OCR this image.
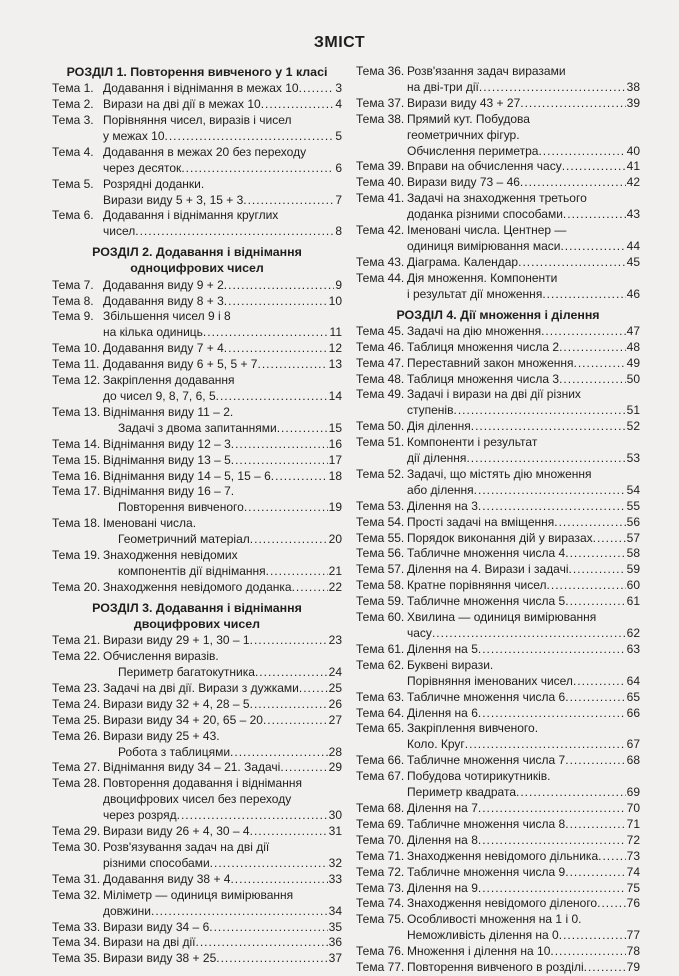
ЗМІСТ
РОЗДІЛ 1. Повторення вивченого у 1 класі
Тема 1. Додавання і віднімання в межах 10 .....	3
Тема 2. Вирази на дві дії в межах 10 .....	4
Тема 3. Порівняння чисел, виразів і чисел
у межах 10 .....	5
Тема 4. Додавання в межах 20 без переходу
через десяток .....	6
Тема 5. Розрядні доданки.
Вирази виду 5 + 3, 15 + 3 .....	7
Тема 6. Додавання і віднімання круглих
чисел .....	8
РОЗДІЛ 2. Додавання і віднімання одноцифрових чисел
Тема 7. Додавання виду 9 + 2 .....	9
Тема 8. Додавання виду 8 + 3 .....	10
Тема 9. Збільшення чисел 9 і 8
на кілька одиниць .....	11
Тема 10. Додавання виду 7 + 4 .....	12
Тема 11. Додавання виду 6 + 5, 5 + 7 .....	13
Тема 12. Закріплення додавання
до чисел 9, 8, 7, 6, 5 .....	14
Тема 13. Віднімання виду 11 – 2.
Задачі з двома запитаннями .....	15
Тема 14. Віднімання виду 12 – 3 .....	16
Тема 15. Віднімання виду 13 – 5 .....	17
Тема 16. Віднімання виду 14 – 5, 15 – 6 .....	18
Тема 17. Віднімання виду 16 – 7.
Повторення вивченого .....	19
Тема 18. Іменовані числа.
Геометричний матеріал .....	20
Тема 19. Знаходження невідомих
компонентів дії віднімання .....	21
Тема 20. Знаходження невідомого доданка .....	22
РОЗДІЛ 3. Додавання і віднімання двоцифрових чисел
Тема 21. Вирази виду 29 + 1, 30 – 1 .....	23
Тема 22. Обчислення виразів.
Периметр багатокутника .....	24
Тема 23. Задачі на дві дії. Вирази з дужками ..... 25
Тема 24. Вирази виду 32 + 4, 28 – 5 .....	26
Тема 25. Вирази виду 34 + 20, 65 – 20 .....	27
Тема 26. Вирази виду 25 + 43.
Робота з таблицями .....	28
Тема 27. Віднімання виду 34 – 21. Задачі .....	29
Тема 28. Повторення додавання і віднімання
двоцифрових чисел без переходу
через розряд .....	30
Тема 29. Вирази виду 26 + 4, 30 – 4 .....	31
Тема 30. Розв'язування задач на дві дії
різними способами .....	32
Тема 31. Додавання виду 38 + 4 .....	33
Тема 32. Міліметр — одиниця вимірювання
довжини .....	34
Тема 33. Вирази виду 34 – 6 .....	35
Тема 34. Вирази на дві дії .....	36
Тема 35. Вирази виду 38 + 25 .....	37
Тема 36. Розв'язання задач виразами
на дві-три дії .....	38
Тема 37. Вирази виду 43 + 27 .....	39
Тема 38. Прямий кут. Побудова
геометричних фігур.
Обчислення периметра .....	40
Тема 39. Вправи на обчислення часу .....	41
Тема 40. Вирази виду 73 – 46 .....	42
Тема 41. Задачі на знаходження третього
доданка різними способами .....	43
Тема 42. Іменовані числа. Центнер —
одиниця вимірювання маси .....	44
Тема 43. Діаграма. Календар .....	45
Тема 44. Дія множення. Компоненти
і результат дії множення .....	46
РОЗДІЛ 4. Дії множення і ділення
Тема 45. Задачі на дію множення .....	47
Тема 46. Таблиця множення числа 2 .....	48
Тема 47. Переставний закон множення .....	49
Тема 48. Таблиця множення числа 3 .....	50
Тема 49. Задачі і вирази на дві дії різних
ступенів .....	51
Тема 50. Дія ділення .....	52
Тема 51. Компоненти і результат
дії ділення .....	53
Тема 52. Задачі, що містять дію множення
або ділення .....	54
Тема 53. Ділення на 3 .....	55
Тема 54. Прості задачі на вміщення .....	56
Тема 55. Порядок виконання дій у виразах .....	57
Тема 56. Табличне множення числа 4 .....	58
Тема 57. Ділення на 4. Вирази і задачі .....	59
Тема 58. Кратне порівняння чисел .....	60
Тема 59. Табличне множення числа 5 .....	61
Тема 60. Хвилина — одиниця вимірювання
часу .....	62
Тема 61. Ділення на 5 .....	63
Тема 62. Буквені вирази.
Порівняння іменованих чисел .....	64
Тема 63. Табличне множення числа 6 .....	65
Тема 64. Ділення на 6 .....	66
Тема 65. Закріплення вивченого.
Коло. Круг .....	67
Тема 66. Табличне множення числа 7 .....	68
Тема 67. Побудова чотирикутників.
Периметр квадрата .....	69
Тема 68. Ділення на 7 .....	70
Тема 69. Табличне множення числа 8 .....	71
Тема 70. Ділення на 8 .....	72
Тема 71. Знаходження невідомого дільника ..... 73
Тема 72. Табличне множення числа 9 .....	74
Тема 73. Ділення на 9 .....	75
Тема 74. Знаходження невідомого діленого ..... 76
Тема 75. Особливості множення на 1 і 0.
Неможливість ділення на 0 .....	77
Тема 76. Множення і ділення на 10 .....	78
Тема 77. Повторення вивченого в розділі .....	79
